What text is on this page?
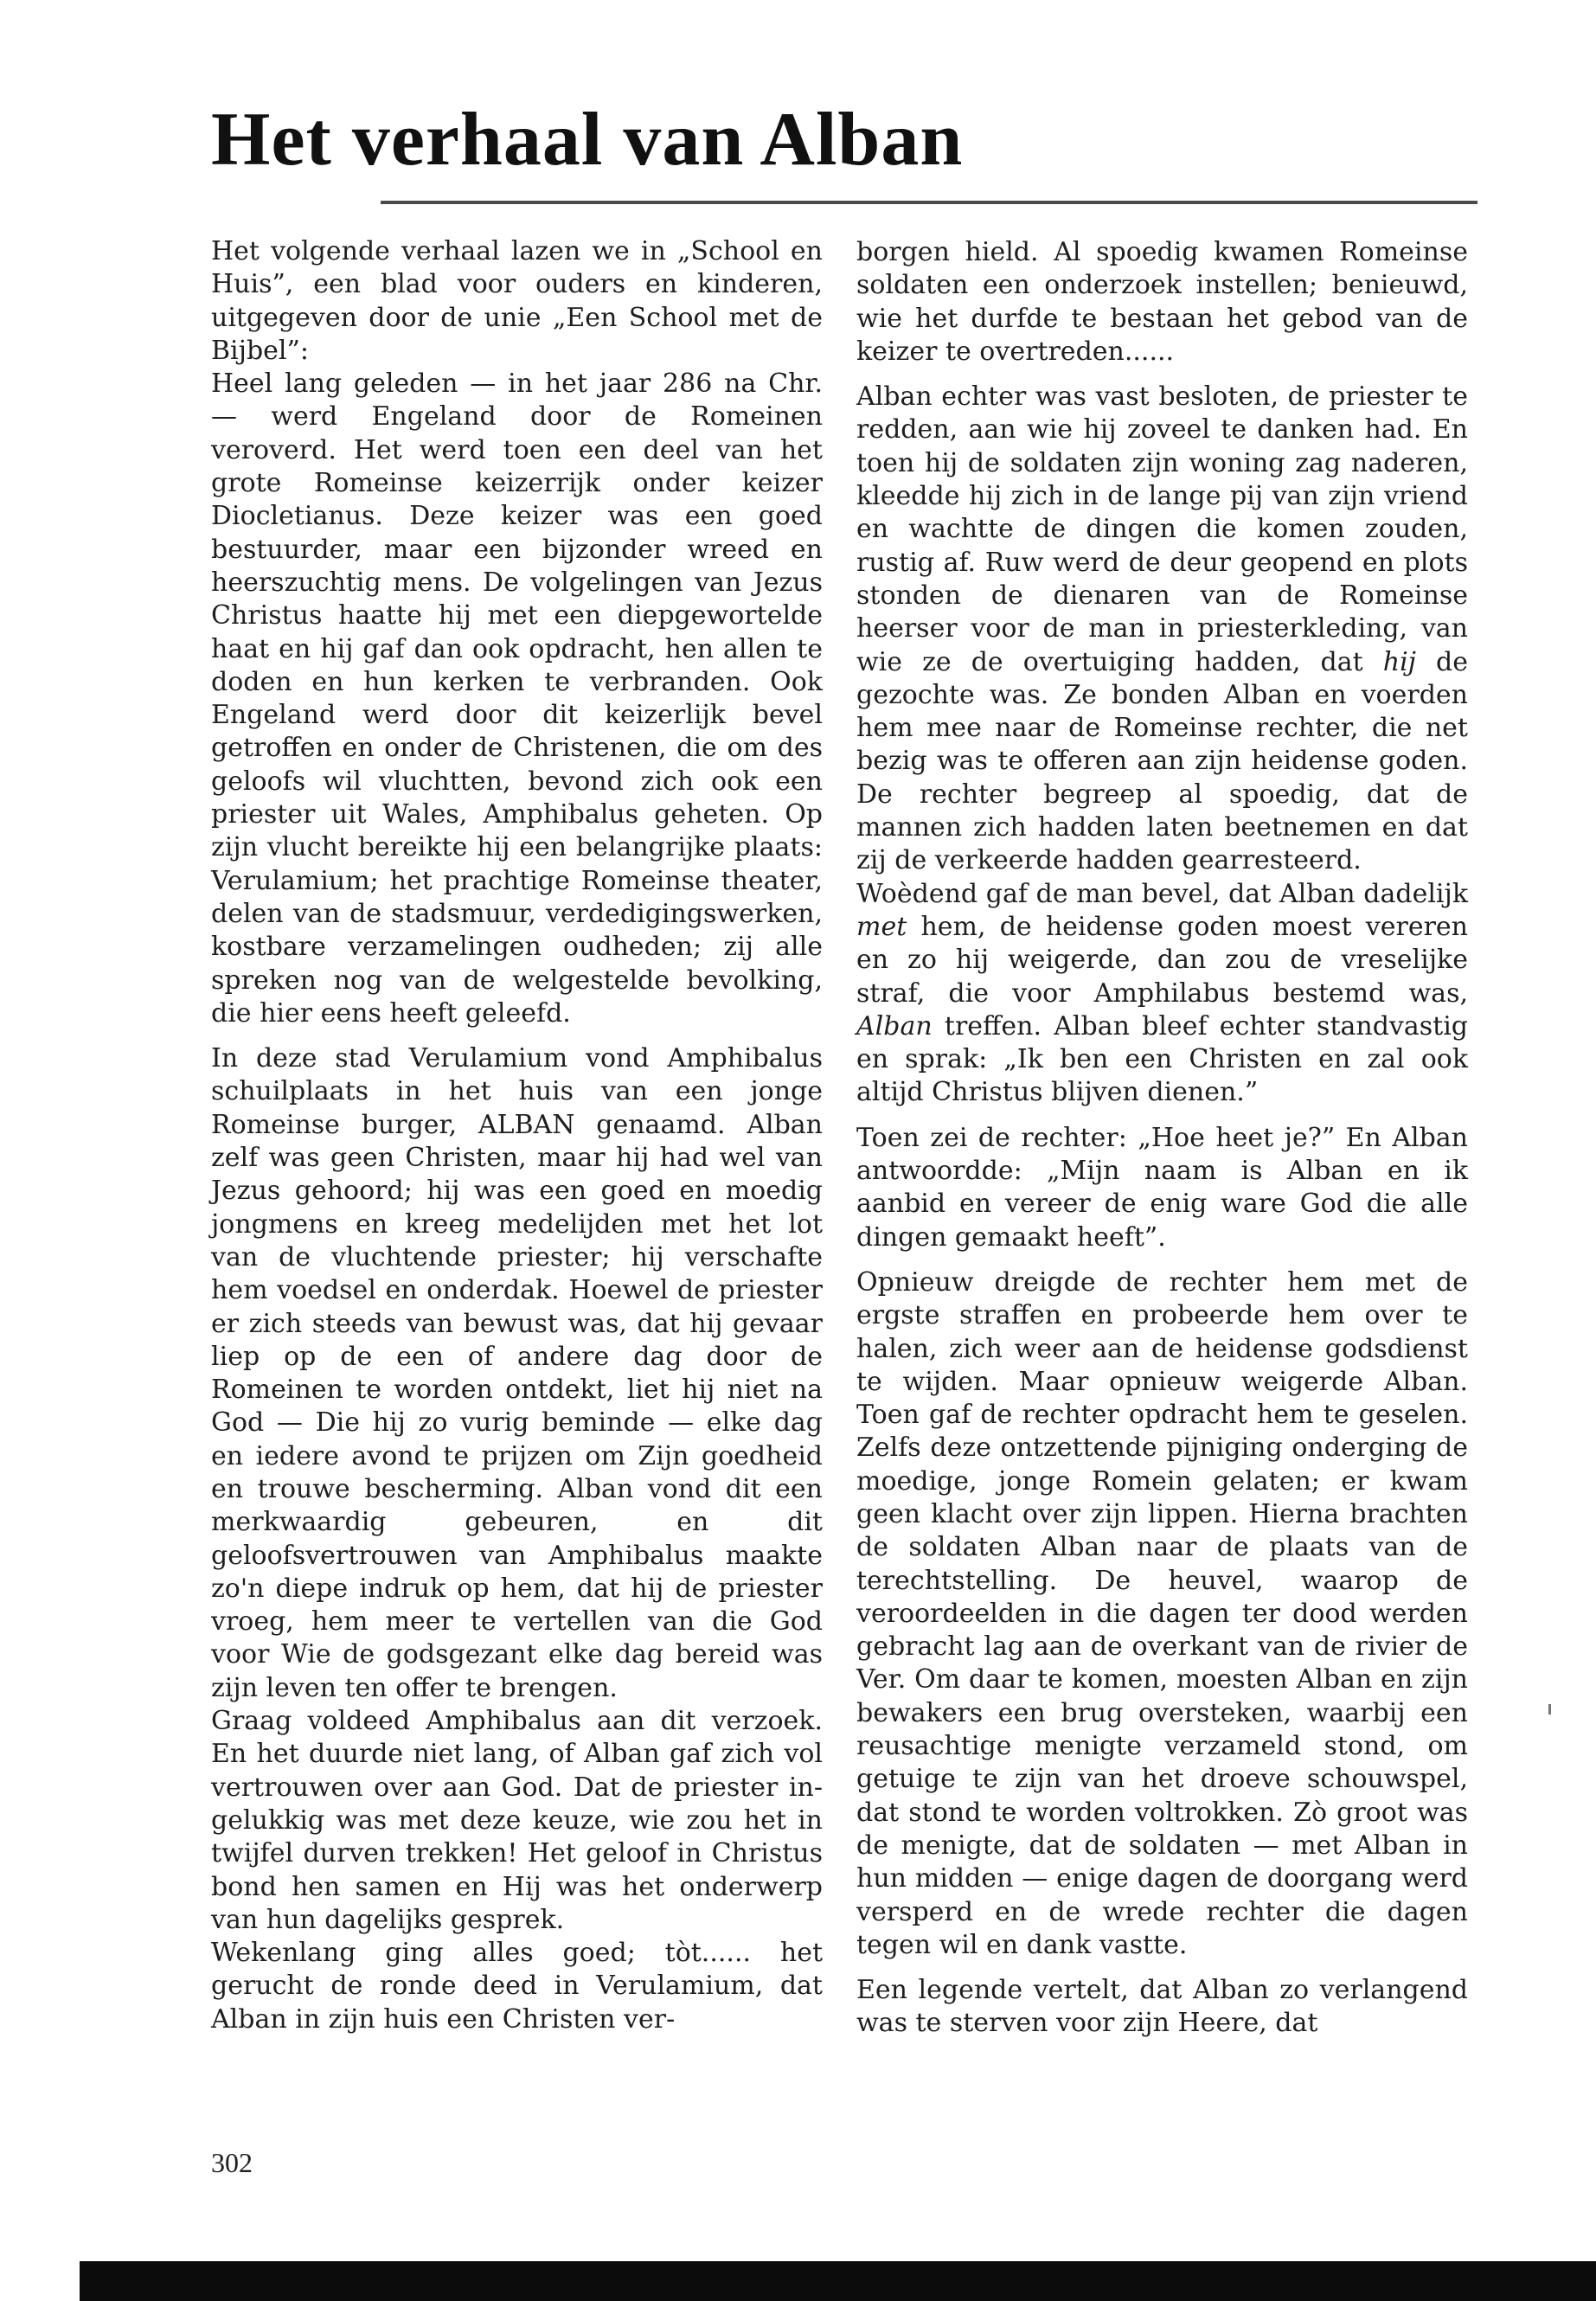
Het verhaal van Alban

Het volgende verhaal lazen we in „School en Huis”, een blad voor ouders en kinderen, uitgegeven door de unie „Een School met de Bijbel”:

Heel lang geleden — in het jaar 286 na Chr. — werd Engeland door de Romeinen veroverd. Het werd toen een deel van het grote Romeinse keizerrijk onder keizer Diocletianus. Deze keizer was een goed bestuurder, maar een bijzonder wreed en heerszuchtig mens. De volgelingen van Jezus Christus haatte hij met een diepgewortelde haat en hij gaf dan ook opdracht, hen allen te doden en hun kerken te verbranden. Ook Engeland werd door dit keizerlijk bevel getroffen en onder de Christenen, die om des geloofs wil vluchtten, bevond zich ook een priester uit Wales, Amphibalus geheten. Op zijn vlucht bereikte hij een belangrijke plaats: Verulamium; het prachtige Romeinse theater, delen van de stadsmuur, verdedigingswerken, kostbare verzamelingen oudheden; zij alle spreken nog van de welgestelde bevolking, die hier eens heeft geleefd.

In deze stad Verulamium vond Amphibalus schuilplaats in het huis van een jonge Romeinse burger, ALBAN genaamd. Alban zelf was geen Christen, maar hij had wel van Jezus gehoord; hij was een goed en moedig jongmens en kreeg medelijden met het lot van de vluchtende priester; hij verschafte hem voedsel en onderdak. Hoewel de priester er zich steeds van bewust was, dat hij gevaar liep op de een of andere dag door de Romeinen te worden ontdekt, liet hij niet na God — Die hij zo vurig beminde — elke dag en iedere avond te prijzen om Zijn goedheid en trouwe bescherming. Alban vond dit een merkwaardig gebeuren, en dit geloofsvertrouwen van Amphibalus maakte zo'n diepe indruk op hem, dat hij de priester vroeg, hem meer te vertellen van die God voor Wie de godsgezant elke dag bereid was zijn leven ten offer te brengen.

Graag voldeed Amphibalus aan dit verzoek. En het duurde niet lang, of Alban gaf zich vol vertrouwen over aan God. Dat de priester in-gelukkig was met deze keuze, wie zou het in twijfel durven trekken! Het geloof in Christus bond hen samen en Hij was het onderwerp van hun dagelijks gesprek.

Wekenlang ging alles goed; tòt...... het gerucht de ronde deed in Verulamium, dat Alban in zijn huis een Christen ver-

borgen hield. Al spoedig kwamen Romeinse soldaten een onderzoek instellen; benieuwd, wie het durfde te bestaan het gebod van de keizer te overtreden......

Alban echter was vast besloten, de priester te redden, aan wie hij zoveel te danken had. En toen hij de soldaten zijn woning zag naderen, kleedde hij zich in de lange pij van zijn vriend en wachtte de dingen die komen zouden, rustig af. Ruw werd de deur geopend en plots stonden de dienaren van de Romeinse heerser voor de man in priesterkleding, van wie ze de overtuiging hadden, dat hij de gezochte was. Ze bonden Alban en voerden hem mee naar de Romeinse rechter, die net bezig was te offeren aan zijn heidense goden. De rechter begreep al spoedig, dat de mannen zich hadden laten beetnemen en dat zij de verkeerde hadden gearresteerd.

Woèdend gaf de man bevel, dat Alban dadelijk met hem, de heidense goden moest vereren en zo hij weigerde, dan zou de vreselijke straf, die voor Amphilabus bestemd was, Alban treffen. Alban bleef echter standvastig en sprak: „Ik ben een Christen en zal ook altijd Christus blijven dienen.”

Toen zei de rechter: „Hoe heet je?” En Alban antwoordde: „Mijn naam is Alban en ik aanbid en vereer de enig ware God die alle dingen gemaakt heeft”.

Opnieuw dreigde de rechter hem met de ergste straffen en probeerde hem over te halen, zich weer aan de heidense godsdienst te wijden. Maar opnieuw weigerde Alban. Toen gaf de rechter opdracht hem te geselen. Zelfs deze ontzettende pijniging onderging de moedige, jonge Romein gelaten; er kwam geen klacht over zijn lippen. Hierna brachten de soldaten Alban naar de plaats van de terechtstelling. De heuvel, waarop de veroordeelden in die dagen ter dood werden gebracht lag aan de overkant van de rivier de Ver. Om daar te komen, moesten Alban en zijn bewakers een brug oversteken, waarbij een reusachtige menigte verzameld stond, om getuige te zijn van het droeve schouwspel, dat stond te worden voltrokken. Zò groot was de menigte, dat de soldaten — met Alban in hun midden — enige dagen de doorgang werd versperd en de wrede rechter die dagen tegen wil en dank vastte.

Een legende vertelt, dat Alban zo verlangend was te sterven voor zijn Heere, dat

302
